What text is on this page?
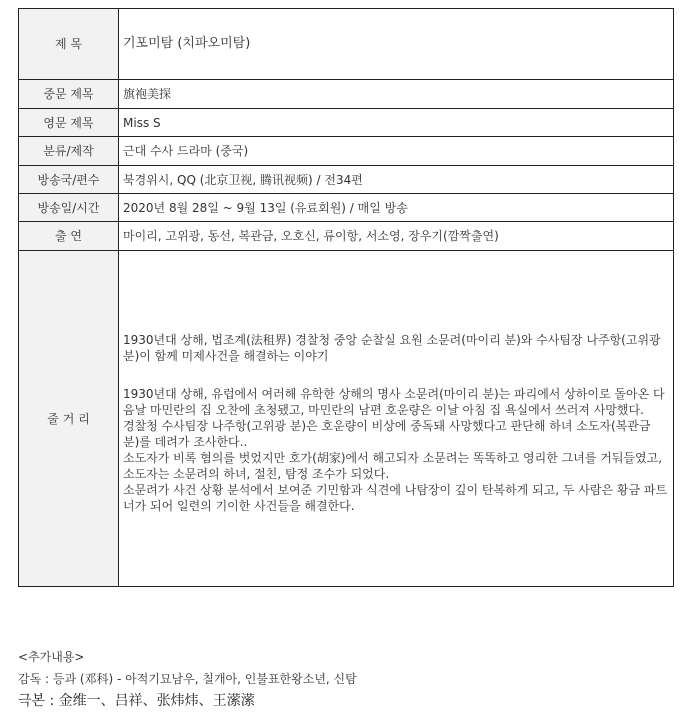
제 목	기포미탐 (치파오미탐)
중문 제목	旗袍美探
영문 제목	Miss S
분류/제작	근대 수사 드라마 (중국)
방송국/편수	북경위시, QQ (北京卫视, 腾讯视频) / 전34편
방송일/시간	2020년 8월 28일 ~ 9월 13일 (유료회원) / 매일 방송
출 연	마이리, 고위광, 동선, 복관금, 오호신, 류이항, 서소영, 장우기(깜짝출연)
줄 거 리	1930년대 상해, 법조계(法租界) 경찰청 중앙 순찰실 요원 소문려(마이리 분)와 수사팀장 나주항(고위광 분)이 함께 미제사건을 해결하는 이야기

1930년대 상해, 유럽에서 여러해 유학한 상해의 명사 소문려(마이리 분)는 파리에서 상하이로 돌아온 다음날 마민란의 집 오찬에 초청됐고, 마민란의 남편 호운량은 이날 아침 집 욕실에서 쓰러져 사망했다.

경찰청 수사팀장 나주항(고위광 분)은 호운량이 비상에 중독돼 사망했다고 판단해 하녀 소도자(복관금 분)를 데려가 조사한다..

소도자가 비록 혐의를 벗었지만 호가(胡家)에서 해고되자 소문려는 똑똑하고 영리한 그녀를 거둬들였고, 소도자는 소문려의 하녀, 절친, 탐정 조수가 되었다.

소문려가 사건 상황 분석에서 보여준 기민함과 식견에 나탐장이 깊이 탄복하게 되고, 두 사람은 황금 파트너가 되어 일련의 기이한 사건들을 해결한다.

<추가내용>
감독 : 등과 (邓科) - 아적기묘남우, 칠개아, 인불표한왕소년, 신탐
극본 : 金维一、吕祥、张炜炜、王潆潆
